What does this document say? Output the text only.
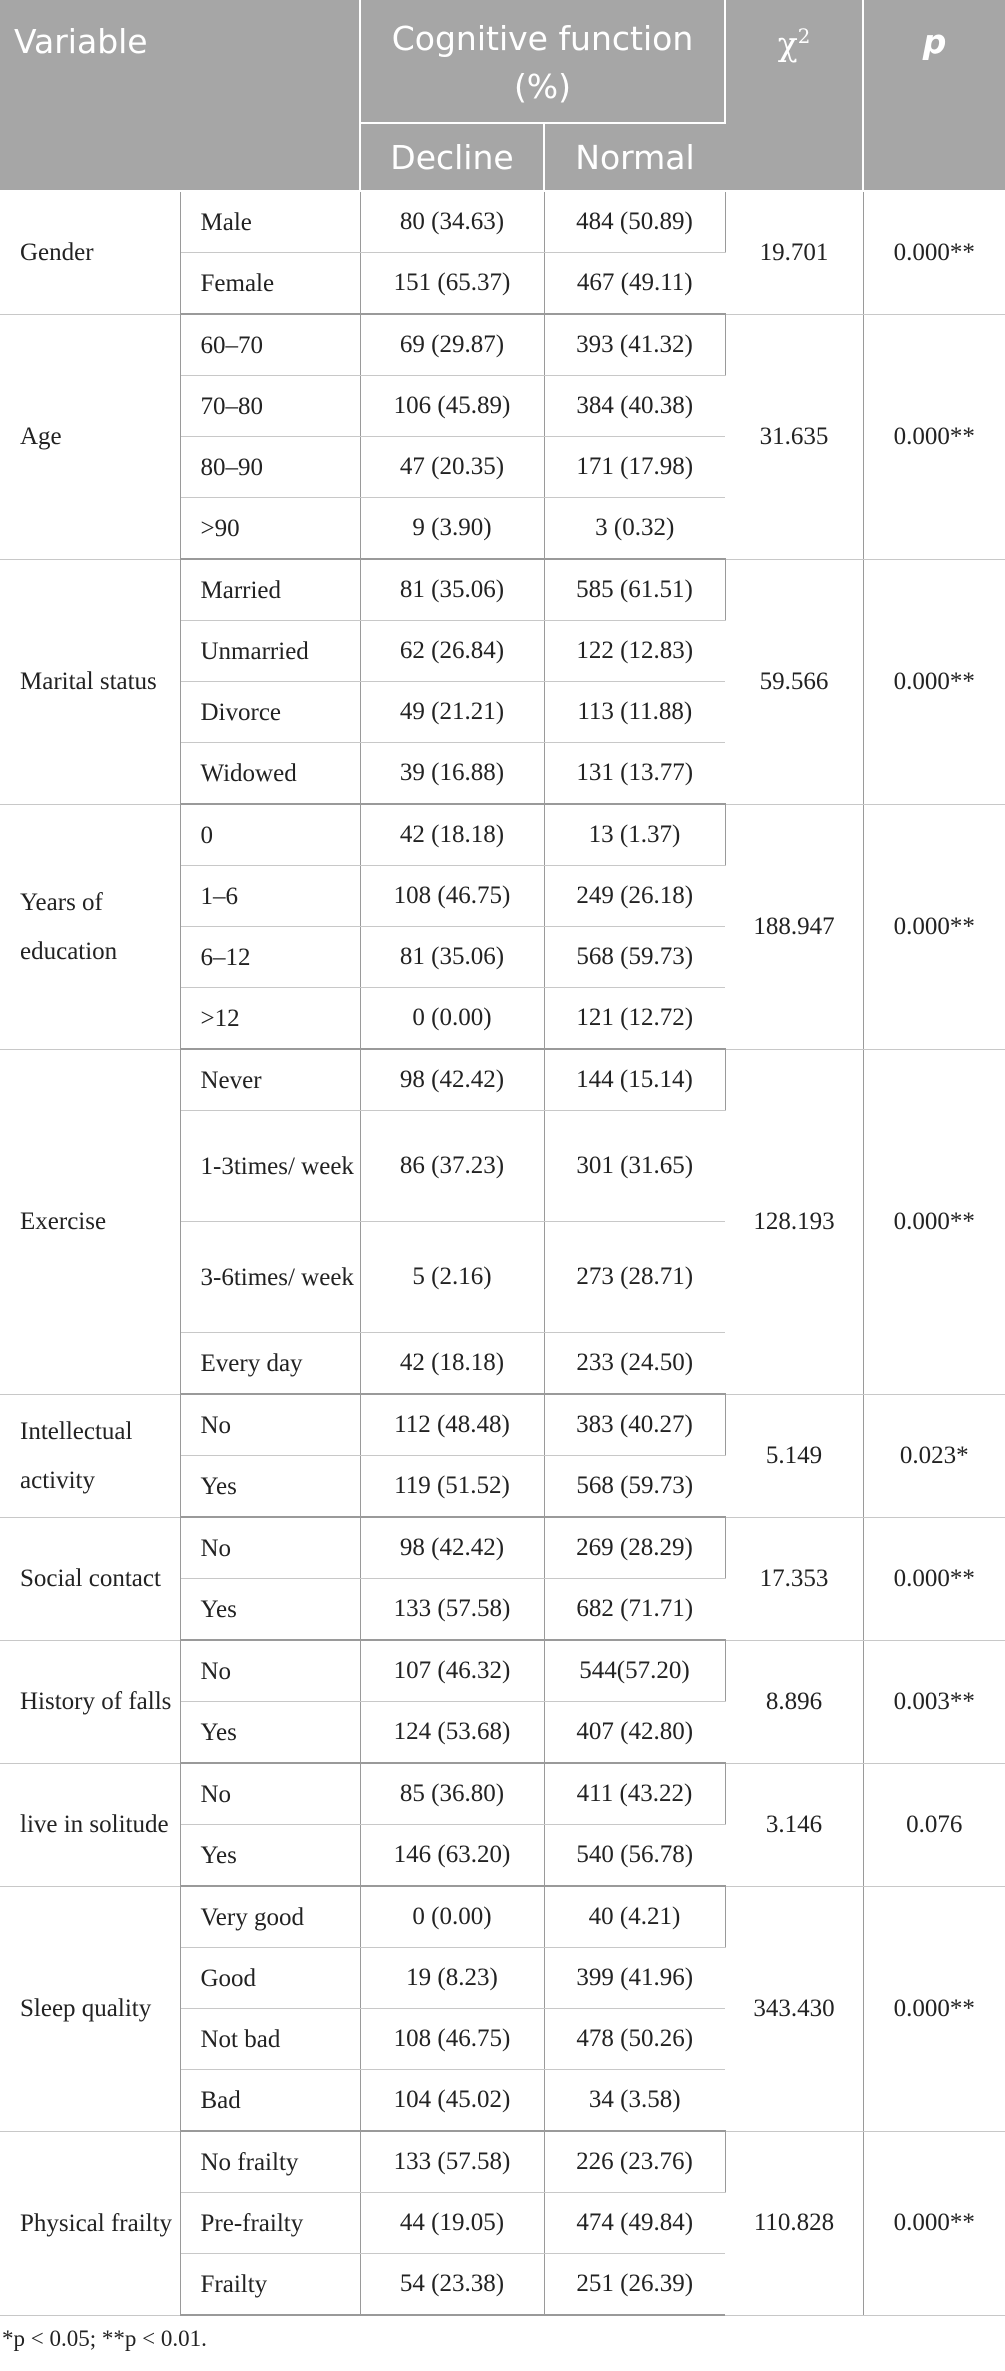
Variable		Cognitive function (%)		$\chi^2$	p
		Decline	Normal		
Gender	Male	80 (34.63)	484 (50.89)	19.701	0.000**
	Female	151 (65.37)	467 (49.11)		
Age	60–70	69 (29.87)	393 (41.32)	31.635	0.000**
	70–80	106 (45.89)	384 (40.38)		
	80–90	47 (20.35)	171 (17.98)		
	>90	9 (3.90)	3 (0.32)		
Marital status	Married	81 (35.06)	585 (61.51)	59.566	0.000**
	Unmarried	62 (26.84)	122 (12.83)		
	Divorce	49 (21.21)	113 (11.88)		
	Widowed	39 (16.88)	131 (13.77)		
Years of education	0	42 (18.18)	13 (1.37)	188.947	0.000**
	1–6	108 (46.75)	249 (26.18)		
	6–12	81 (35.06)	568 (59.73)		
	>12	0 (0.00)	121 (12.72)		
Exercise	Never	98 (42.42)	144 (15.14)	128.193	0.000**
	1-3times/ week	86 (37.23)	301 (31.65)		
	3-6times/ week	5 (2.16)	273 (28.71)		
	Every day	42 (18.18)	233 (24.50)		
Intellectual activity	No	112 (48.48)	383 (40.27)	5.149	0.023*
	Yes	119 (51.52)	568 (59.73)		
Social contact	No	98 (42.42)	269 (28.29)	17.353	0.000**
	Yes	133 (57.58)	682 (71.71)		
History of falls	No	107 (46.32)	544(57.20)	8.896	0.003**
	Yes	124 (53.68)	407 (42.80)		
live in solitude	No	85 (36.80)	411 (43.22)	3.146	0.076
	Yes	146 (63.20)	540 (56.78)		
Sleep quality	Very good	0 (0.00)	40 (4.21)	343.430	0.000**
	Good	19 (8.23)	399 (41.96)		
	Not bad	108 (46.75)	478 (50.26)		
	Bad	104 (45.02)	34 (3.58)		
Physical frailty	No frailty	133 (57.58)	226 (23.76)	110.828	0.000**
	Pre-frailty	44 (19.05)	474 (49.84)		
	Frailty	54 (23.38)	251 (26.39)		
*p < 0.05; **p < 0.01.
